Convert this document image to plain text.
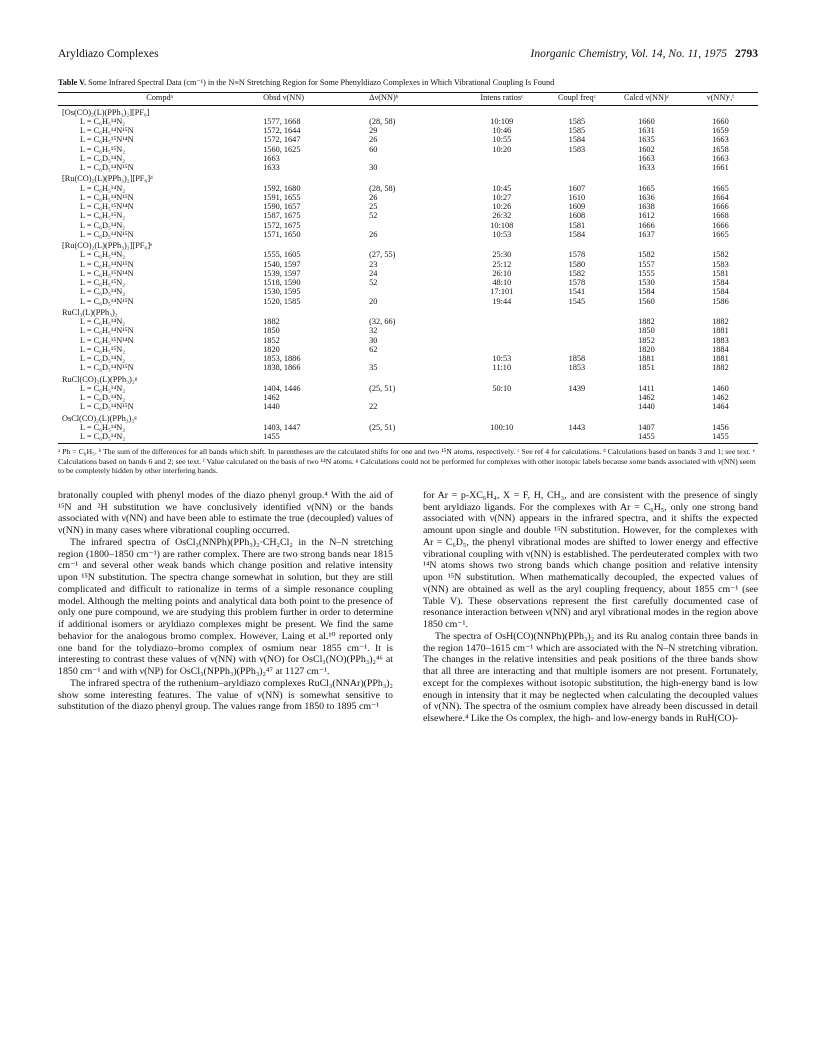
Aryldiazo Complexes	Inorganic Chemistry, Vol. 14, No. 11, 1975 2793
Table V. Some Infrared Spectral Data (cm⁻¹) in the N≡N Stretching Region for Some Phenyldiazo Complexes in Which Vibrational Coupling Is Found
Compdᵃ	Obsd ν(NN)	Δν(NN)ᵇ	Intens ratiosᶜ	Coupl freqᶜ	Calcd ν(NN)ᶜ	ν(NN)ᶜ,ᶠ
[Os(CO)₂(L)(PPh₃)₂][PF₆]						
L = C₆H₅¹⁴N₂	1577, 1668	(28, 58)	10:109	1585	1660	1660
L = C₆H₅¹⁴N¹⁵N	1572, 1644	29	10:46	1585	1631	1659
L = C₆H₅¹⁵N¹⁴N	1572, 1647	26	10:55	1584	1635	1663
L = C₆H₅¹⁵N₂	1560, 1625	60	10:20	1583	1602	1658
L = C₆D₅¹⁴N₂	1663				1663	1663
L = C₆D₅¹⁴N¹⁵N	1633	30			1633	1661
[Ru(CO)₂(L)(PPh₃)₂][PF₆]ᵈ						
L = C₆H₅¹⁴N₂	1592, 1680	(28, 58)	10:45	1607	1665	1665
L = C₆H₅¹⁴N¹⁵N	1591, 1655	26	10:27	1610	1636	1664
L = C₆H₅¹⁵N¹⁴N	1590, 1657	25	10:26	1609	1638	1666
L = C₆H₅¹⁵N₂	1587, 1675	52	26:32	1608	1612	1668
L = C₆D₅¹⁴N₂	1572, 1675		10:108	1581	1666	1666
L = C₆D₅¹⁴N¹⁵N	1571, 1650	26	10:53	1584	1637	1665
[Ru(CO)₂(L)(PPh₃)₂][PF₆]ᵉ						
L = C₆H₅¹⁴N₂	1555, 1605	(27, 55)	25:30	1578	1582	1582
L = C₆H₅¹⁴N¹⁵N	1540, 1597	23	25:12	1580	1557	1583
L = C₆H₅¹⁵N¹⁴N	1539, 1597	24	26:10	1582	1555	1581
L = C₆H₅¹⁵N₂	1518, 1590	52	48:10	1578	1530	1584
L = C₆D₅¹⁴N₂	1530, 1595		17:101	1541	1584	1584
L = C₆D₅¹⁴N¹⁵N	1520, 1585	20	19:44	1545	1560	1586
RuCl₃(L)(PPh₃)₂						
L = C₆H₅¹⁴N₂	1882	(32, 66)			1882	1882
L = C₆H₅¹⁴N¹⁵N	1850	32			1850	1881
L = C₆H₅¹⁵N¹⁴N	1852	30			1852	1883
L = C₆H₅¹⁵N₂	1820	62			1820	1884
L = C₆D₅¹⁴N₂	1853, 1886		10:53	1858	1881	1881
L = C₆D₅¹⁴N¹⁵N	1838, 1866	35	11:10	1853	1851	1882
RuCl(CO)₂(L)(PPh₃)₂ᵍ						
L = C₆H₅¹⁴N₂	1404, 1446	(25, 51)	50:10	1439	1411	1460
L = C₆D₅¹⁴N₂	1462				1462	1462
L = C₆D₅¹⁴N¹⁵N	1440	22			1440	1464
OsCl(CO)₂(L)(PPh₃)₂ᵍ						
L = C₆H₅¹⁴N₂	1403, 1447	(25, 51)	100:10	1443	1407	1456
L = C₆D₅¹⁴N₂	1455				1455	1455
ᵃ Ph = C₆H₅. ᵇ The sum of the differences for all bands which shift. In parentheses are the calculated shifts for one and two ¹⁵N atoms, respectively. ᶜ See ref 4 for calculations. ᵈ Calculations based on bands 3 and 1; see text. ᵉ Calculations based on bands 6 and 2; see text. ᶠ Value calculated on the basis of two ¹⁴N atoms. ᵍ Calculations could not be performed for complexes with other isotopic labels because some bands associated with ν(NN) seem to be completely hidden by other interfering bands.

bratonally coupled with phenyl modes of the diazo phenyl group.⁴ With the aid of ¹⁵N and ²H substitution we have conclusively identified ν(NN) or the bands associated with ν(NN) and have been able to estimate the true (decoupled) values of ν(NN) in many cases where vibrational coupling occurred.

The infrared spectra of OsCl₃(NNPh)(PPh₃)₂·CH₂Cl₂ in the N–N stretching region (1800–1850 cm⁻¹) are rather complex. There are two strong bands near 1815 cm⁻¹ and several other weak bands which change position and relative intensity upon ¹⁵N substitution. The spectra change somewhat in solution, but they are still complicated and difficult to rationalize in terms of a simple resonance coupling model. Although the melting points and analytical data both point to the presence of only one pure compound, we are studying this problem further in order to determine if additional isomers or aryldiazo complexes might be present. We find the same behavior for the analogous bromo complex. However, Laing et al.¹⁰ reported only one band for the tolydiazo–bromo complex of osmium near 1855 cm⁻¹. It is interesting to contrast these values of ν(NN) with ν(NO) for OsCl₃(NO)(PPh₃)₂⁴⁶ at 1850 cm⁻¹ and with ν(NP) for OsCl₃(NPPh₃)(PPh₃)₂⁴⁷ at 1127 cm⁻¹.

The infrared spectra of the ruthenium–aryldiazo complexes RuCl₃(NNAr)(PPh₃)₂ show some interesting features. The value of ν(NN) is somewhat sensitive to substitution of the diazo phenyl group. The values range from 1850 to 1895 cm⁻¹

for Ar = p-XC₆H₄, X = F, H, CH₃, and are consistent with the presence of singly bent aryldiazo ligands. For the complexes with Ar = C₆H₅, only one strong band associated with ν(NN) appears in the infrared spectra, and it shifts the expected amount upon single and double ¹⁵N substitution. However, for the complexes with Ar = C₆D₅, the phenyl vibrational modes are shifted to lower energy and effective vibrational coupling with ν(NN) is established. The perdeuterated complex with two ¹⁴N atoms shows two strong bands which change position and relative intensity upon ¹⁵N substitution. When mathematically decoupled, the expected values of ν(NN) are obtained as well as the aryl coupling frequency, about 1855 cm⁻¹ (see Table V). These observations represent the first carefully documented case of resonance interaction between ν(NN) and aryl vibrational modes in the region above 1850 cm⁻¹.

The spectra of OsH(CO)(NNPh)(PPh₃)₂ and its Ru analog contain three bands in the region 1470–1615 cm⁻¹ which are associated with the N–N stretching vibration. The changes in the relative intensities and peak positions of the three bands show that all three are interacting and that multiple isomers are not present. Fortunately, except for the complexes without isotopic substitution, the high-energy band is low enough in intensity that it may be neglected when calculating the decoupled values of ν(NN). The spectra of the osmium complex have already been discussed in detail elsewhere.⁴ Like the Os complex, the high- and low-energy bands in RuH(CO)-
